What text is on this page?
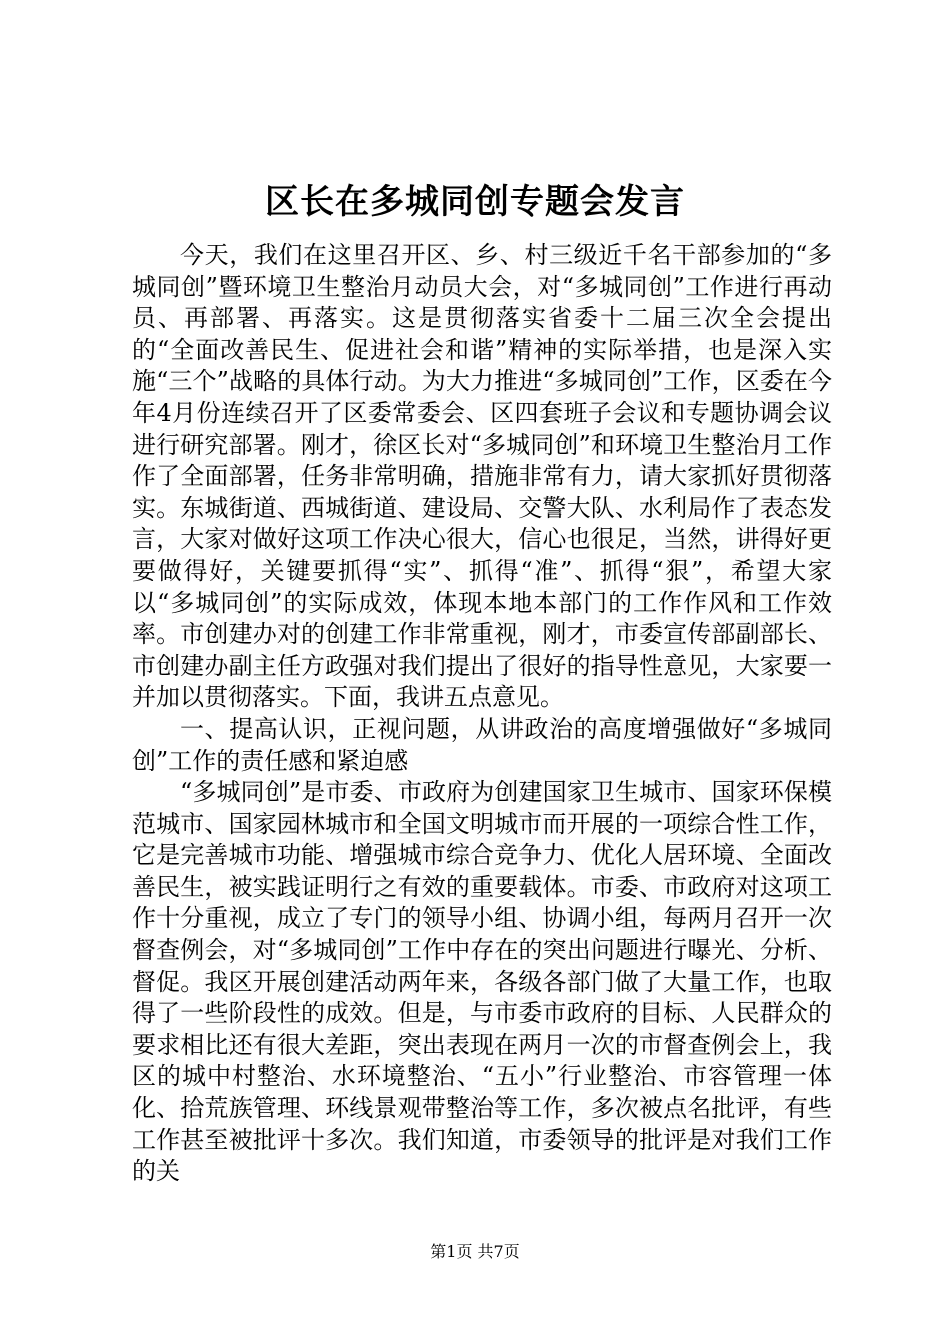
区长在多城同创专题会发言

今天，我们在这里召开区、乡、村三级近千名干部参加的“多城同创”暨环境卫生整治月动员大会，对“多城同创”工作进行再动员、再部署、再落实。这是贯彻落实省委十二届三次全会提出的“全面改善民生、促进社会和谐”精神的实际举措，也是深入实施“三个”战略的具体行动。为大力推进“多城同创”工作，区委在今年4月份连续召开了区委常委会、区四套班子会议和专题协调会议进行研究部署。刚才，徐区长对“多城同创”和环境卫生整治月工作作了全面部署，任务非常明确，措施非常有力，请大家抓好贯彻落实。东城街道、西城街道、建设局、交警大队、水利局作了表态发言，大家对做好这项工作决心很大，信心也很足，当然，讲得好更要做得好，关键要抓得“实”、抓得“准”、抓得“狠”，希望大家以“多城同创”的实际成效，体现本地本部门的工作作风和工作效率。市创建办对的创建工作非常重视，刚才，市委宣传部副部长、市创建办副主任方政强对我们提出了很好的指导性意见，大家要一并加以贯彻落实。下面，我讲五点意见。

一、提高认识，正视问题，从讲政治的高度增强做好“多城同创”工作的责任感和紧迫感

“多城同创”是市委、市政府为创建国家卫生城市、国家环保模范城市、国家园林城市和全国文明城市而开展的一项综合性工作，它是完善城市功能、增强城市综合竞争力、优化人居环境、全面改善民生，被实践证明行之有效的重要载体。市委、市政府对这项工作十分重视，成立了专门的领导小组、协调小组，每两月召开一次督查例会，对“多城同创”工作中存在的突出问题进行曝光、分析、督促。我区开展创建活动两年来，各级各部门做了大量工作，也取得了一些阶段性的成效。但是，与市委市政府的目标、人民群众的要求相比还有很大差距，突出表现在两月一次的市督查例会上，我区的城中村整治、水环境整治、“五小”行业整治、市容管理一体化、拾荒族管理、环线景观带整治等工作，多次被点名批评，有些工作甚至被批评十多次。我们知道，市委领导的批评是对我们工作的关

第1页 共7页
